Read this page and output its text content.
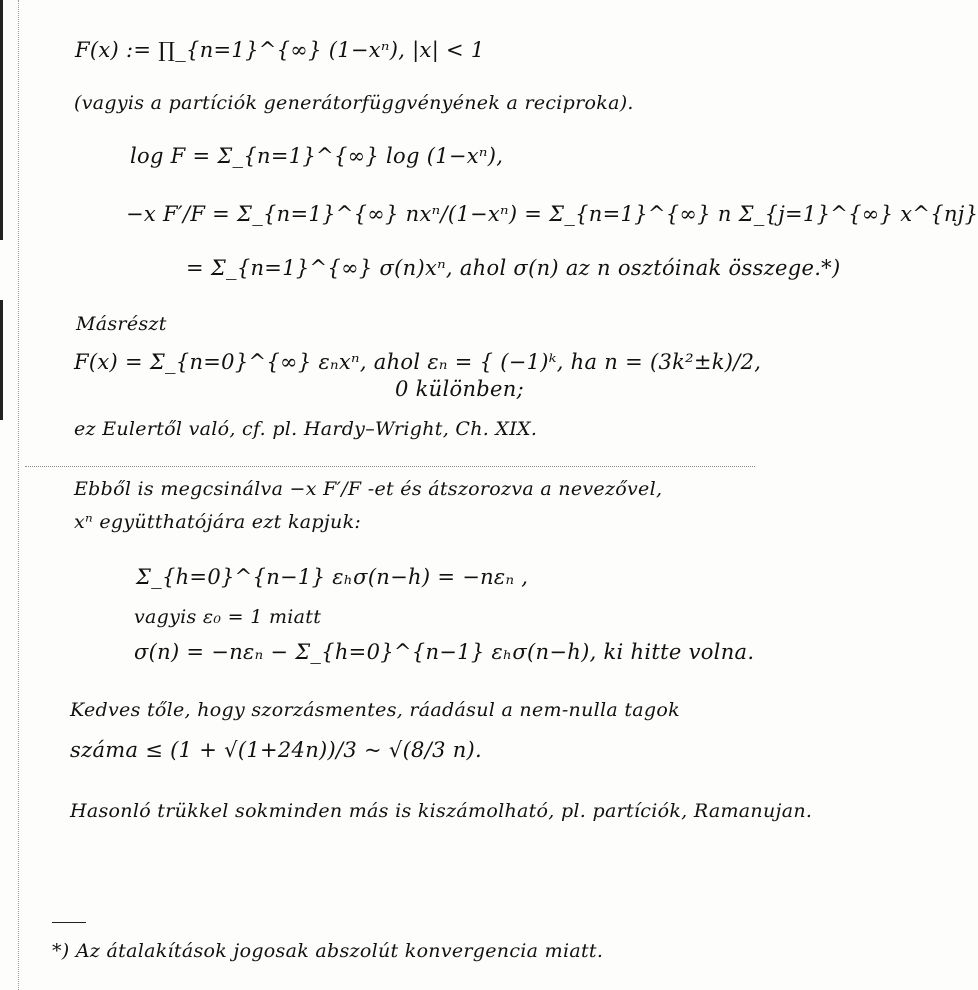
F(x) := ∏_{n=1}^{∞} (1−xⁿ), |x| < 1
(vagyis a partíciók generátorfüggvényének a reciproka).
log F = Σ_{n=1}^{∞} log (1−xⁿ),
−x F′/F = Σ_{n=1}^{∞} nxⁿ/(1−xⁿ) = Σ_{n=1}^{∞} n Σ_{j=1}^{∞} x^{nj}
= Σ_{n=1}^{∞} σ(n)xⁿ, ahol σ(n) az n osztóinak összege.*)
Másrészt
F(x) = Σ_{n=0}^{∞} εₙxⁿ, ahol εₙ = { (−1)ᵏ, ha n = (3k²±k)/2,
0 különben;
ez Eulertől való, cf. pl. Hardy–Wright, Ch. XIX.
Ebből is megcsinálva −x F′/F -et és átszorozva a nevezővel,
xⁿ együtthatójára ezt kapjuk:
Σ_{h=0}^{n−1} εₕσ(n−h) = −nεₙ ,
vagyis ε₀ = 1 miatt
σ(n) = −nεₙ − Σ_{h=0}^{n−1} εₕσ(n−h), ki hitte volna.
Kedves tőle, hogy szorzásmentes, ráadásul a nem-nulla tagok
száma ≤ (1 + √(1+24n))/3 ~ √(8/3 n).
Hasonló trükkel sokminden más is kiszámolható, pl. partíciók, Ramanujan.
*) Az átalakítások jogosak abszolút konvergencia miatt.
